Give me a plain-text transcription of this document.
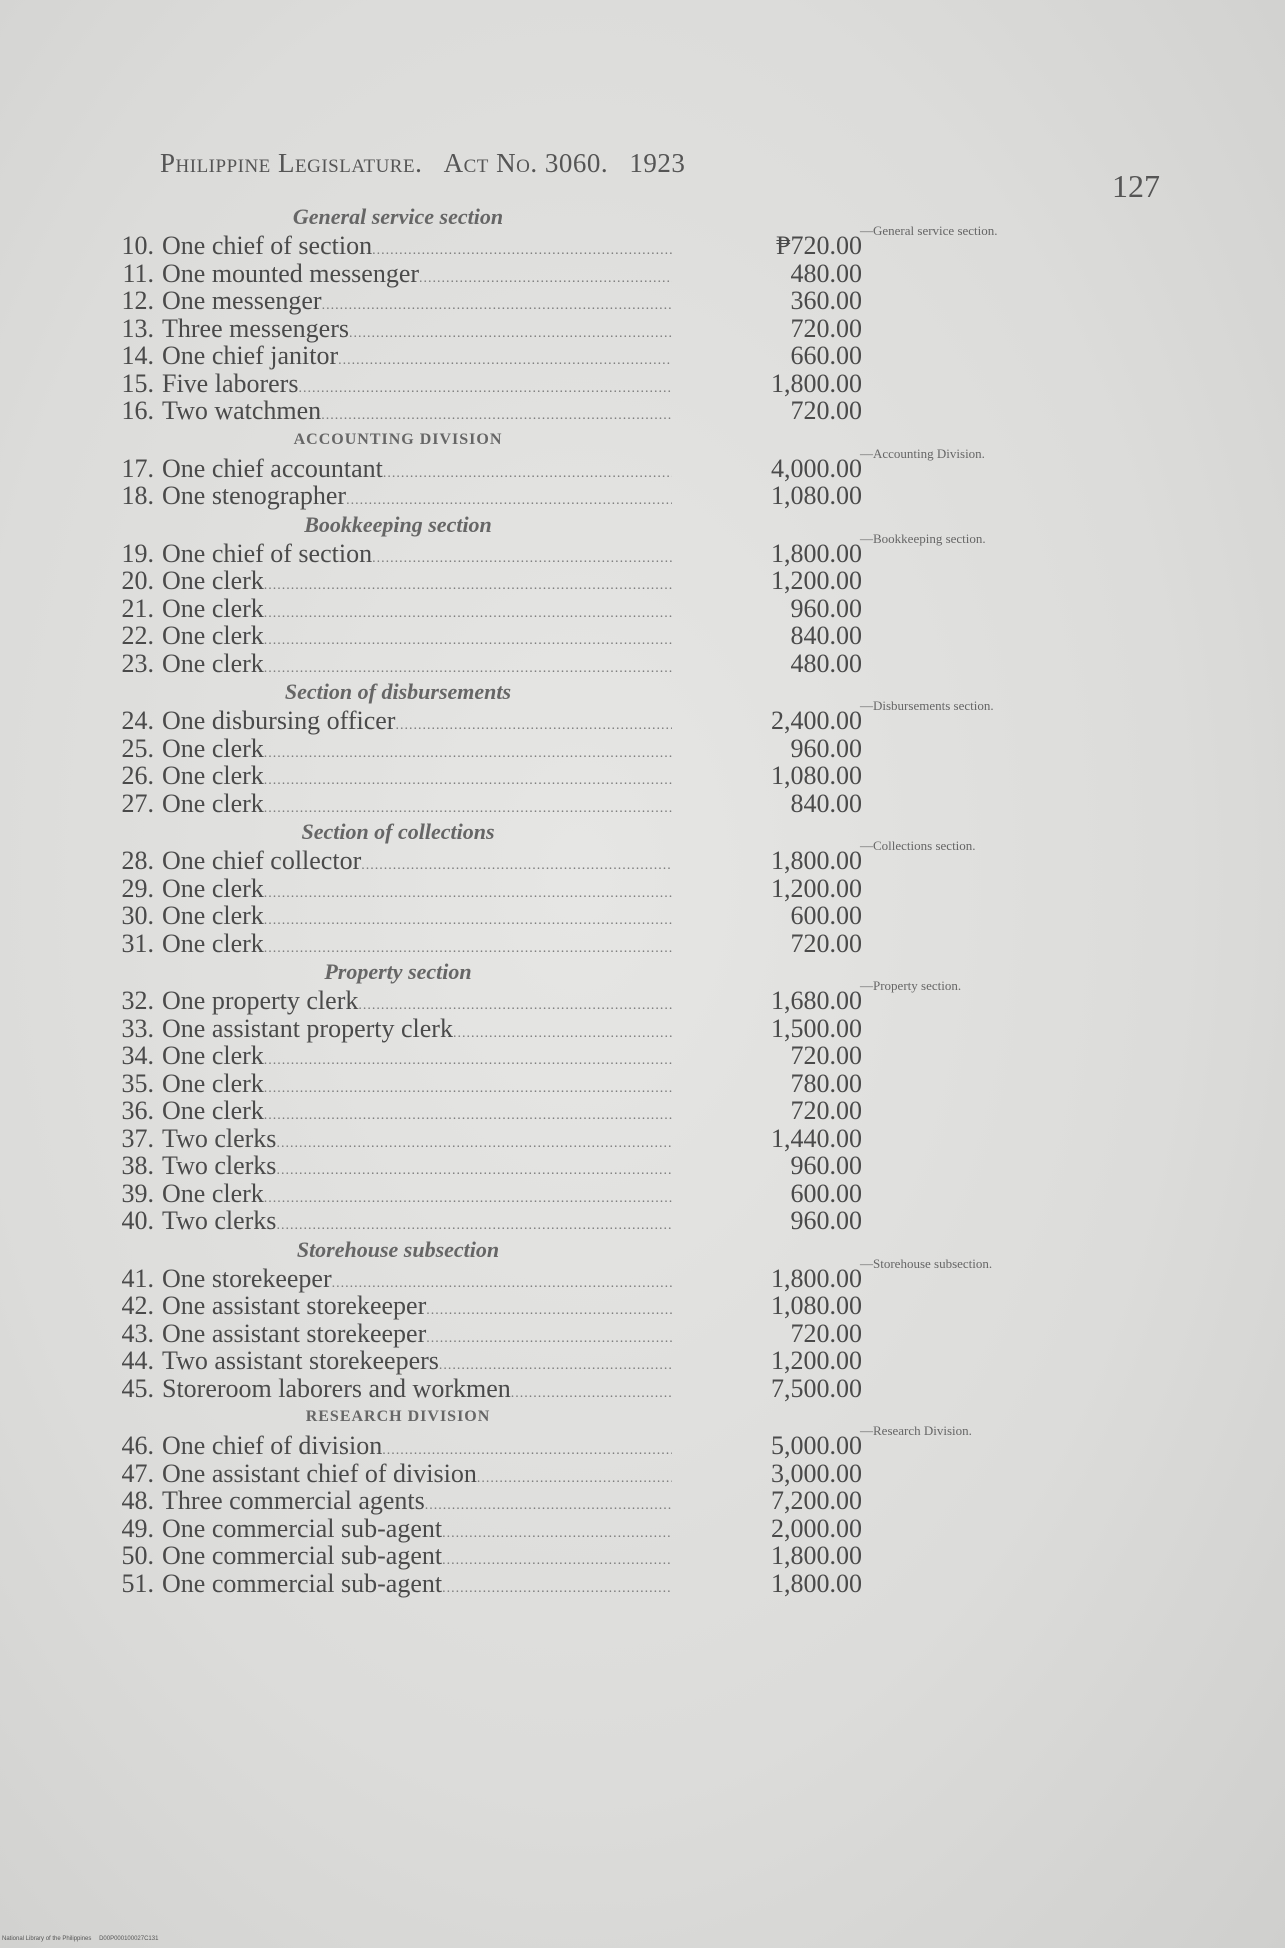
Philippine Legislature. Act No. 3060. 1923
127
General service section
—General service section.
10. One chief of section .....	₱720.00
11. One mounted messenger .....	480.00
12. One messenger .....	360.00
13. Three messengers .....	720.00
14. One chief janitor .....	660.00
15. Five laborers .....	1,800.00
16. Two watchmen .....	720.00
ACCOUNTING DIVISION
—Accounting Division.
17. One chief accountant .....	4,000.00
18. One stenographer .....	1,080.00
Bookkeeping section
—Bookkeeping section.
19. One chief of section .....	1,800.00
20. One clerk .....	1,200.00
21. One clerk .....	960.00
22. One clerk .....	840.00
23. One clerk .....	480.00
Section of disbursements
—Disbursements section.
24. One disbursing officer .....	2,400.00
25. One clerk .....	960.00
26. One clerk .....	1,080.00
27. One clerk .....	840.00
Section of collections
—Collections section.
28. One chief collector .....	1,800.00
29. One clerk .....	1,200.00
30. One clerk .....	600.00
31. One clerk .....	720.00
Property section
—Property section.
32. One property clerk .....	1,680.00
33. One assistant property clerk .....	1,500.00
34. One clerk .....	720.00
35. One clerk .....	780.00
36. One clerk .....	720.00
37. Two clerks .....	1,440.00
38. Two clerks .....	960.00
39. One clerk .....	600.00
40. Two clerks .....	960.00
Storehouse subsection
—Storehouse subsection.
41. One storekeeper .....	1,800.00
42. One assistant storekeeper .....	1,080.00
43. One assistant storekeeper .....	720.00
44. Two assistant storekeepers .....	1,200.00
45. Storeroom laborers and workmen .....	7,500.00
RESEARCH DIVISION
—Research Division.
46. One chief of division .....	5,000.00
47. One assistant chief of division .....	3,000.00
48. Three commercial agents .....	7,200.00
49. One commercial sub-agent .....	2,000.00
50. One commercial sub-agent .....	1,800.00
51. One commercial sub-agent .....	1,800.00
National Library of the Philippines D00P000100027C131
